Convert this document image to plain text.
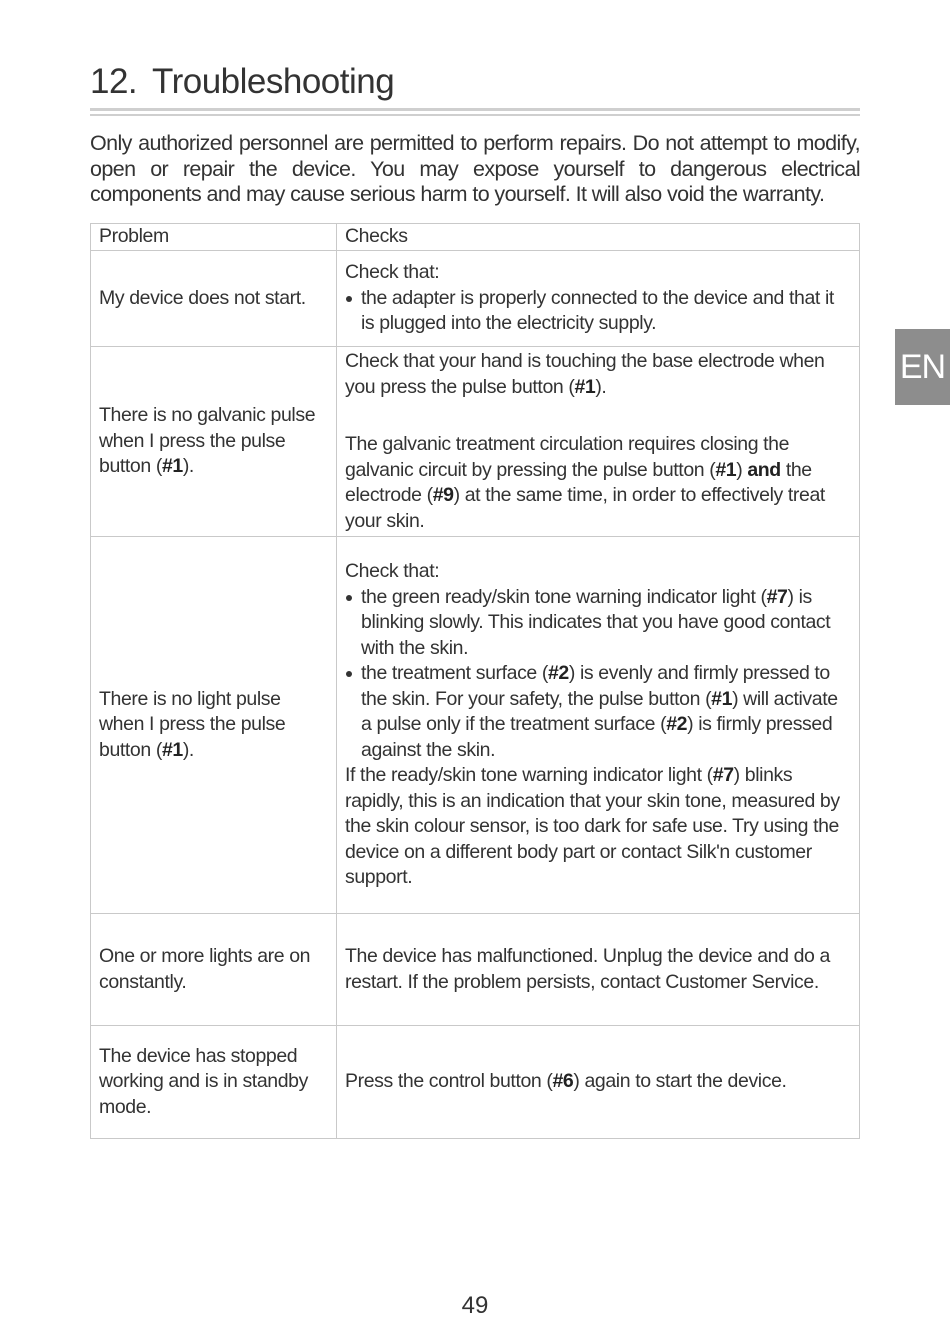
12. Troubleshooting

Only authorized personnel are permitted to perform repairs. Do not attempt to modify, open or repair the device. You may expose yourself to dangerous electrical components and may cause serious harm to yourself. It will also void the warranty.

Problem	Checks
My device does not start.	Check that:

the adapter is properly connected to the device and that it is plugged into the electricity supply.

There is no galvanic pulse when I press the pulse button (#1).	Check that your hand is touching the base electrode when you press the pulse button (#1).

The galvanic treatment circulation requires closing the galvanic circuit by pressing the pulse button (#1) and the electrode (#9) at the same time, in order to effectively treat your skin.

There is no light pulse when I press the pulse button (#1).	Check that:

the green ready/skin tone warning indicator light (#7) is blinking slowly. This indicates that you have good contact with the skin.

the treatment surface (#2) is evenly and firmly pressed to the skin. For your safety, the pulse button (#1) will activate a pulse only if the treatment surface (#2) is firmly pressed against the skin.

If the ready/skin tone warning indicator light (#7) blinks rapidly, this is an indication that your skin tone, measured by the skin colour sensor, is too dark for safe use. Try using the device on a different body part or contact Silk'n customer support.

One or more lights are on constantly.	The device has malfunctioned. Unplug the device and do a restart. If the problem persists, contact Customer Service.
The device has stopped working and is in standby mode.	Press the control button (#6) again to start the device.
EN
49
